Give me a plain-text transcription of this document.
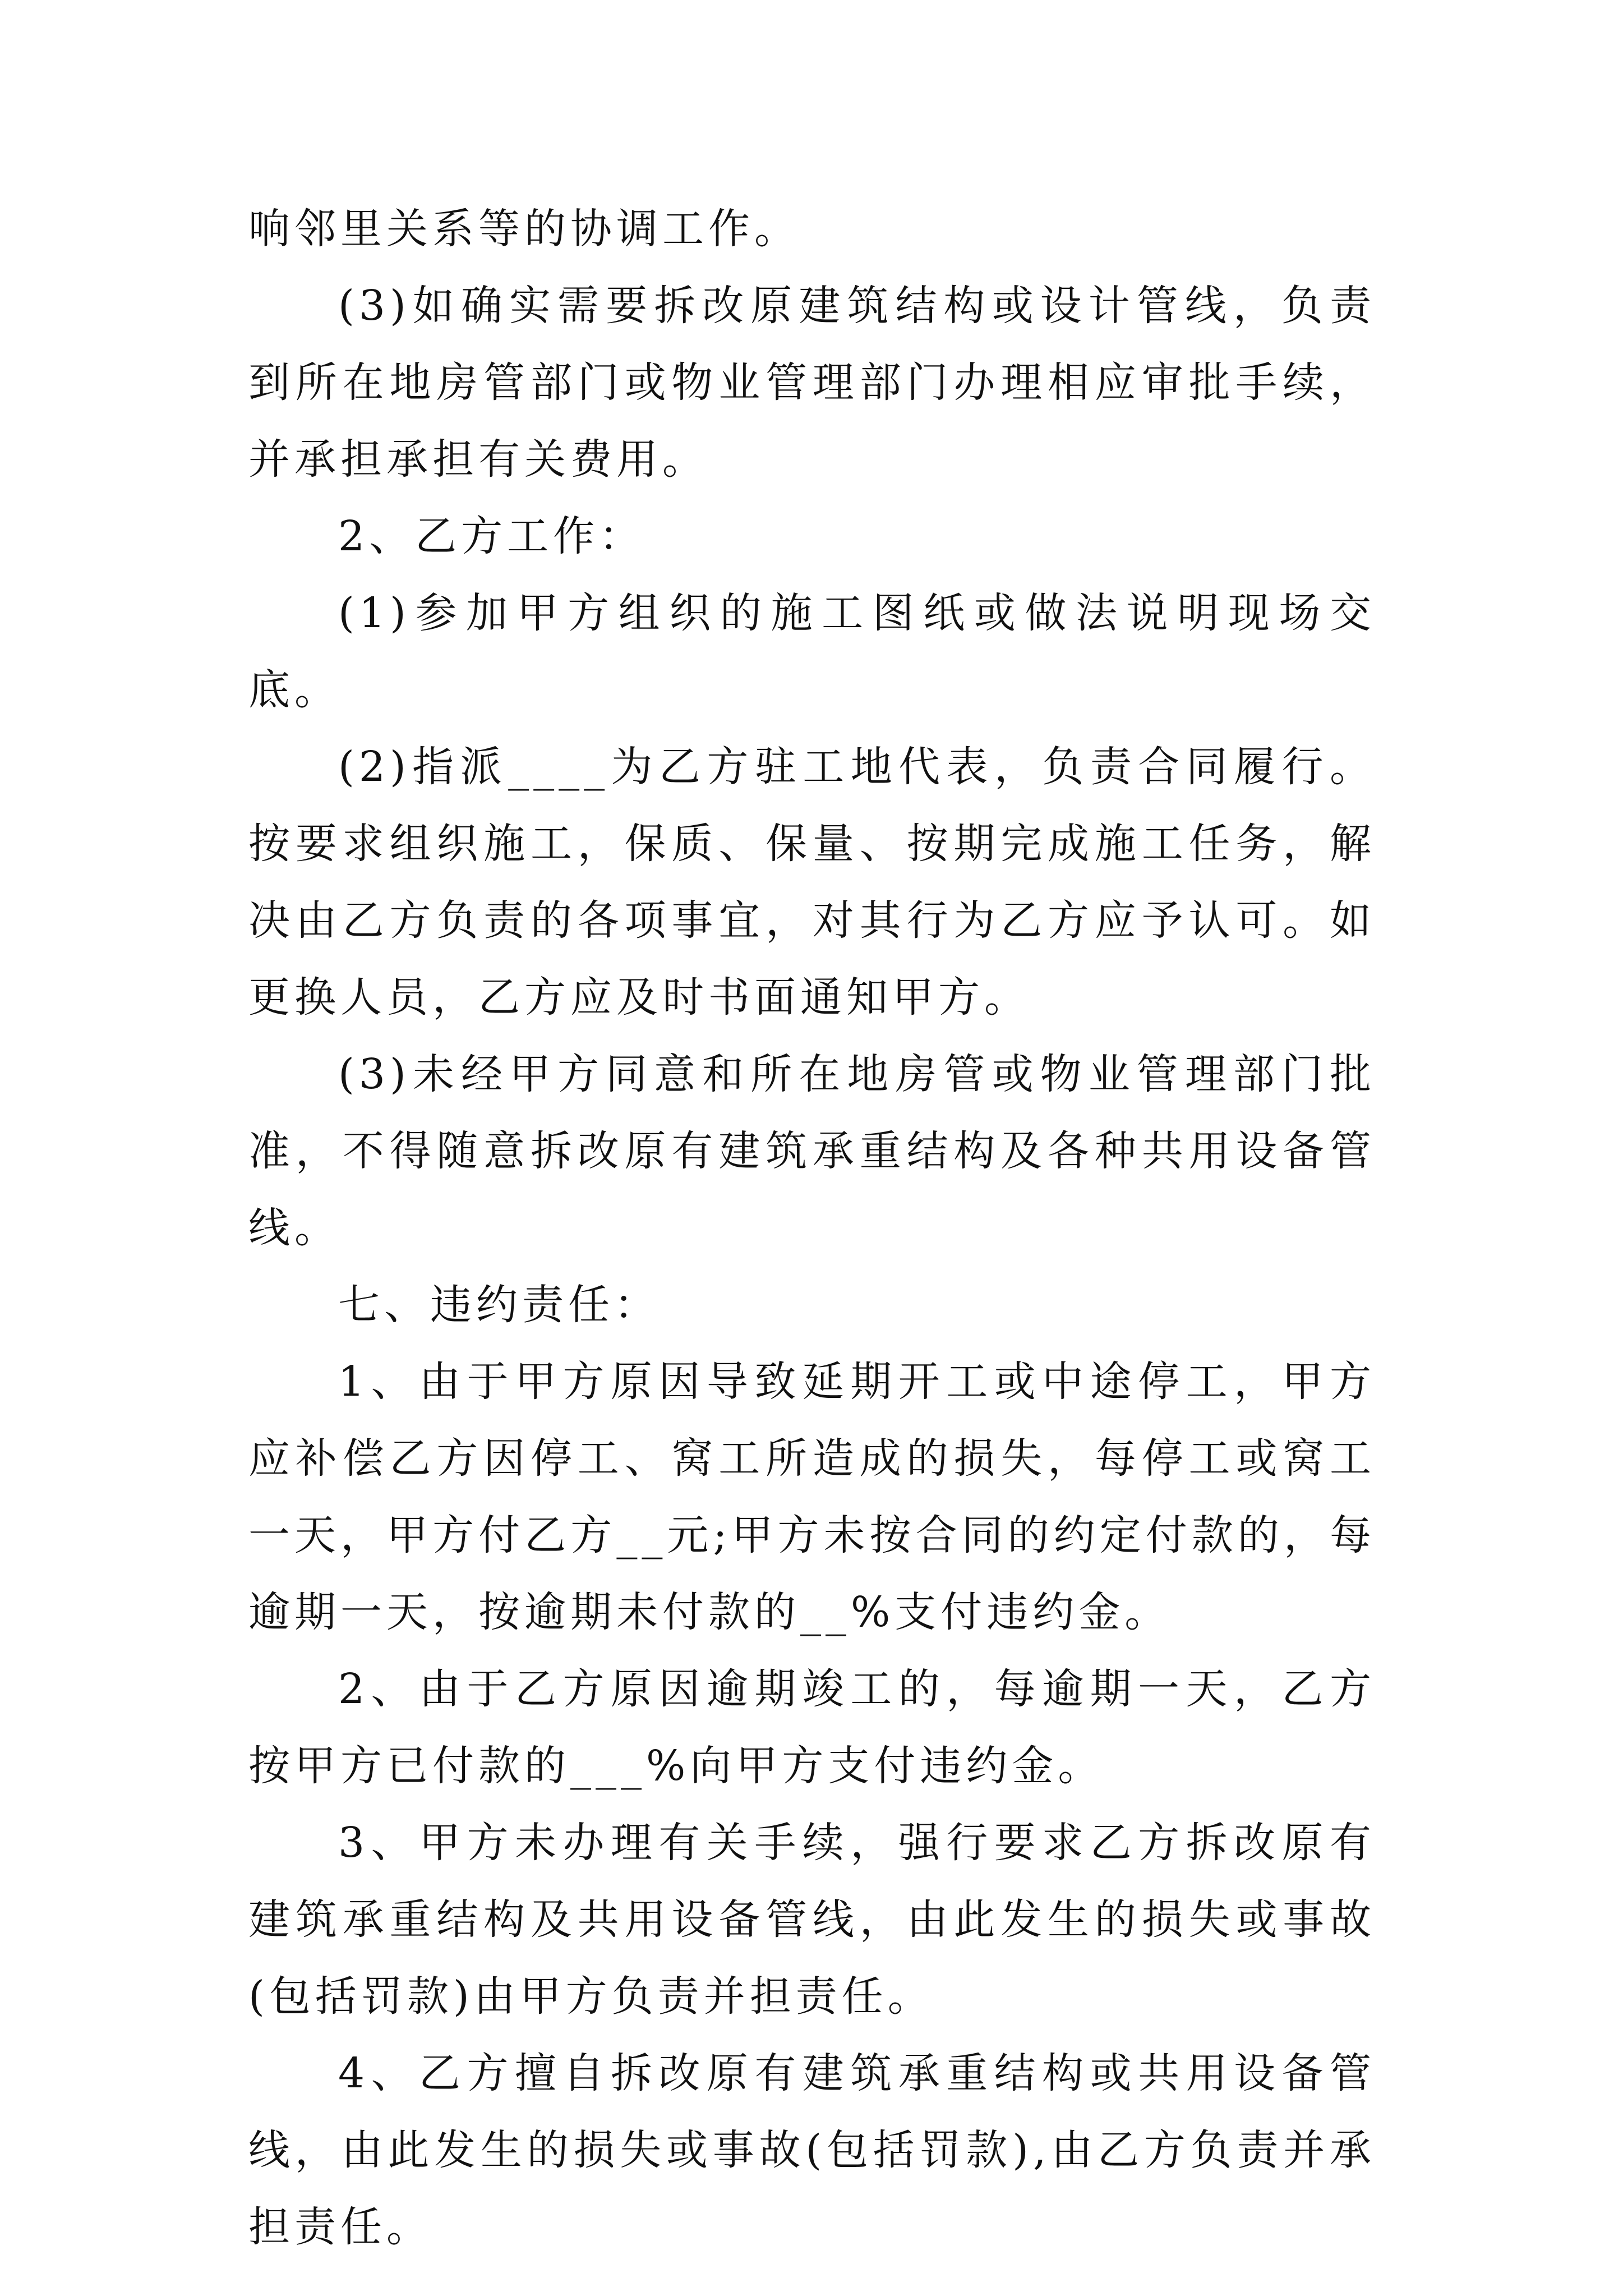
响邻里关系等的协调工作。

(3)如确实需要拆改原建筑结构或设计管线，负责到所在地房管部门或物业管理部门办理相应审批手续，并承担承担有关费用。

2、乙方工作：

(1)参加甲方组织的施工图纸或做法说明现场交底。

(2)指派____为乙方驻工地代表，负责合同履行。按要求组织施工，保质、保量、按期完成施工任务，解决由乙方负责的各项事宜，对其行为乙方应予认可。如更换人员，乙方应及时书面通知甲方。

(3)未经甲方同意和所在地房管或物业管理部门批准，不得随意拆改原有建筑承重结构及各种共用设备管线。

七、违约责任：

1、由于甲方原因导致延期开工或中途停工，甲方应补偿乙方因停工、窝工所造成的损失，每停工或窝工一天，甲方付乙方__元;甲方未按合同的约定付款的，每逾期一天，按逾期未付款的__%支付违约金。

2、由于乙方原因逾期竣工的，每逾期一天，乙方按甲方已付款的___%向甲方支付违约金。

3、甲方未办理有关手续，强行要求乙方拆改原有建筑承重结构及共用设备管线，由此发生的损失或事故(包括罚款)由甲方负责并担责任。

4、乙方擅自拆改原有建筑承重结构或共用设备管线，由此发生的损失或事故(包括罚款),由乙方负责并承担责任。
